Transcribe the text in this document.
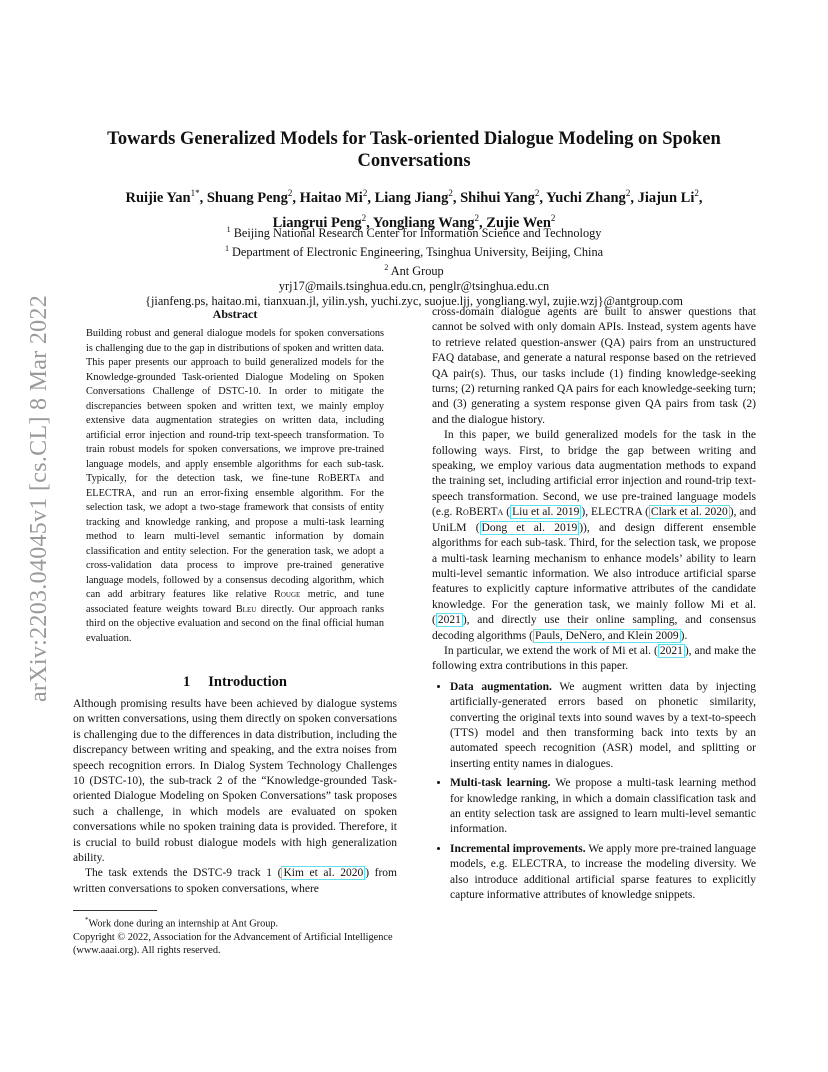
arXiv:2203.04045v1 [cs.CL] 8 Mar 2022
Towards Generalized Models for Task-oriented Dialogue Modeling on Spoken Conversations
Ruijie Yan$^{1*}$, Shuang Peng$^2$, Haitao Mi$^2$, Liang Jiang$^2$, Shihui Yang$^2$, Yuchi Zhang$^2$, Jiajun Li$^2$,
Liangrui Peng$^2$, Yongliang Wang$^2$, Zujie Wen$^2$
$^1$ Beijing National Research Center for Information Science and Technology
$^1$ Department of Electronic Engineering, Tsinghua University, Beijing, China
$^2$ Ant Group
yrj17@mails.tsinghua.edu.cn, penglr@tsinghua.edu.cn
{jianfeng.ps, haitao.mi, tianxuan.jl, yilin.ysh, yuchi.zyc, suojue.ljj, yongliang.wyl, zujie.wzj}@antgroup.com
Abstract
Building robust and general dialogue models for spoken conversations is challenging due to the gap in distributions of spoken and written data. This paper presents our approach to build generalized models for the Knowledge-grounded Task-oriented Dialogue Modeling on Spoken Conversations Challenge of DSTC-10. In order to mitigate the discrepancies between spoken and written text, we mainly employ extensive data augmentation strategies on written data, including artificial error injection and round-trip text-speech transformation. To train robust models for spoken conversations, we improve pre-trained language models, and apply ensemble algorithms for each sub-task. Typically, for the detection task, we fine-tune RoBERTa and ELECTRA, and run an error-fixing ensemble algorithm. For the selection task, we adopt a two-stage framework that consists of entity tracking and knowledge ranking, and propose a multi-task learning method to learn multi-level semantic information by domain classification and entity selection. For the generation task, we adopt a cross-validation data process to improve pre-trained generative language models, followed by a consensus decoding algorithm, which can add arbitrary features like relative Rouge metric, and tune associated feature weights toward Bleu directly. Our approach ranks third on the objective evaluation and second on the final official human evaluation.
1 Introduction

Although promising results have been achieved by dialogue systems on written conversations, using them directly on spoken conversations is challenging due to the differences in data distribution, including the discrepancy between writing and speaking, and the extra noises from speech recognition errors. In Dialog System Technology Challenges 10 (DSTC-10), the sub-track 2 of the “Knowledge-grounded Task-oriented Dialogue Modeling on Spoken Conversations” task proposes such a challenge, in which models are evaluated on spoken conversations while no spoken training data is provided. Therefore, it is crucial to build robust dialogue models with high generalization ability.

The task extends the DSTC-9 track 1 ( Kim et al. 2020 ) from written conversations to spoken conversations, where

*Work done during an internship at Ant Group.
Copyright © 2022, Association for the Advancement of Artificial Intelligence (www.aaai.org). All rights reserved.

cross-domain dialogue agents are built to answer questions that cannot be solved with only domain APIs. Instead, system agents have to retrieve related question-answer (QA) pairs from an unstructured FAQ database, and generate a natural response based on the retrieved QA pair(s). Thus, our tasks include (1) finding knowledge-seeking turns; (2) returning ranked QA pairs for each knowledge-seeking turn; and (3) generating a system response given QA pairs from task (2) and the dialogue history.

In this paper, we build generalized models for the task in the following ways. First, to bridge the gap between writing and speaking, we employ various data augmentation methods to expand the training set, including artificial error injection and round-trip text-speech transformation. Second, we use pre-trained language models (e.g. RoBERTa ( Liu et al. 2019 ), ELECTRA ( Clark et al. 2020 ), and UniLM ( Dong et al. 2019 )), and design different ensemble algorithms for each sub-task. Third, for the selection task, we propose a multi-task learning mechanism to enhance models’ ability to learn multi-level semantic information. We also introduce artificial sparse features to explicitly capture informative attributes of the candidate knowledge. For the generation task, we mainly follow Mi et al. ( 2021 ), and directly use their online sampling, and consensus decoding algorithms ( Pauls, DeNero, and Klein 2009 ).

In particular, we extend the work of Mi et al. ( 2021 ), and make the following extra contributions in this paper.

• Data augmentation. We augment written data by injecting artificially-generated errors based on phonetic similarity, converting the original texts into sound waves by a text-to-speech (TTS) model and then transforming back into texts by an automated speech recognition (ASR) model, and splitting or inserting entity names in dialogues.
• Multi-task learning. We propose a multi-task learning method for knowledge ranking, in which a domain classification task and an entity selection task are assigned to learn multi-level semantic information.
• Incremental improvements. We apply more pre-trained language models, e.g. ELECTRA, to increase the modeling diversity. We also introduce additional artificial sparse features to explicitly capture informative attributes of knowledge snippets.
